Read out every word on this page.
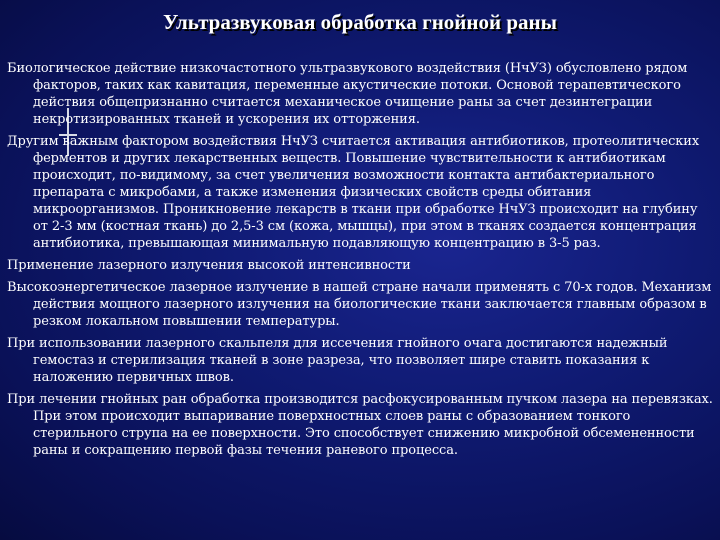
Ультразвуковая обработка гнойной раны

Биологическое действие низкочастотного ультразвукового воздействия (НчУЗ) обусловлено рядом факторов, таких как кавитация, переменные акустические потоки. Основой терапевтического действия общепризнанно считается механическое очищение раны за счет дезинтеграции некротизированных тканей и ускорения их отторжения.

Другим важным фактором воздействия НчУЗ считается активация антибиотиков, протеолитических ферментов и других лекарственных веществ. Повышение чувствительности к антибиотикам происходит, по-видимому, за счет увеличения возможности контакта антибактериального препарата с микробами, а также изменения физических свойств среды обитания микроорганизмов. Проникновение лекарств в ткани при обработке НчУЗ происходит на глубину от 2-3 мм (костная ткань) до 2,5-3 см (кожа, мышцы), при этом в тканях создается концентрация антибиотика, превышающая минимальную подавляющую концентрацию в 3-5 раз.

Применение лазерного излучения высокой интенсивности

Высокоэнергетическое лазерное излучение в нашей стране начали применять с 70-х годов. Механизм действия мощного лазерного излучения на биологические ткани заключается главным образом в резком локальном повышении температуры.

При использовании лазерного скальпеля для иссечения гнойного очага достигаются надежный гемостаз и стерилизация тканей в зоне разреза, что позволяет шире ставить показания к наложению первичных швов.

При лечении гнойных ран обработка производится расфокусированным пучком лазера на перевязках. При этом происходит выпаривание поверхностных слоев раны с образованием тонкого стерильного струпа на ее поверхности. Это способствует снижению микробной обсемененности раны и сокращению первой фазы течения раневого процесса.
